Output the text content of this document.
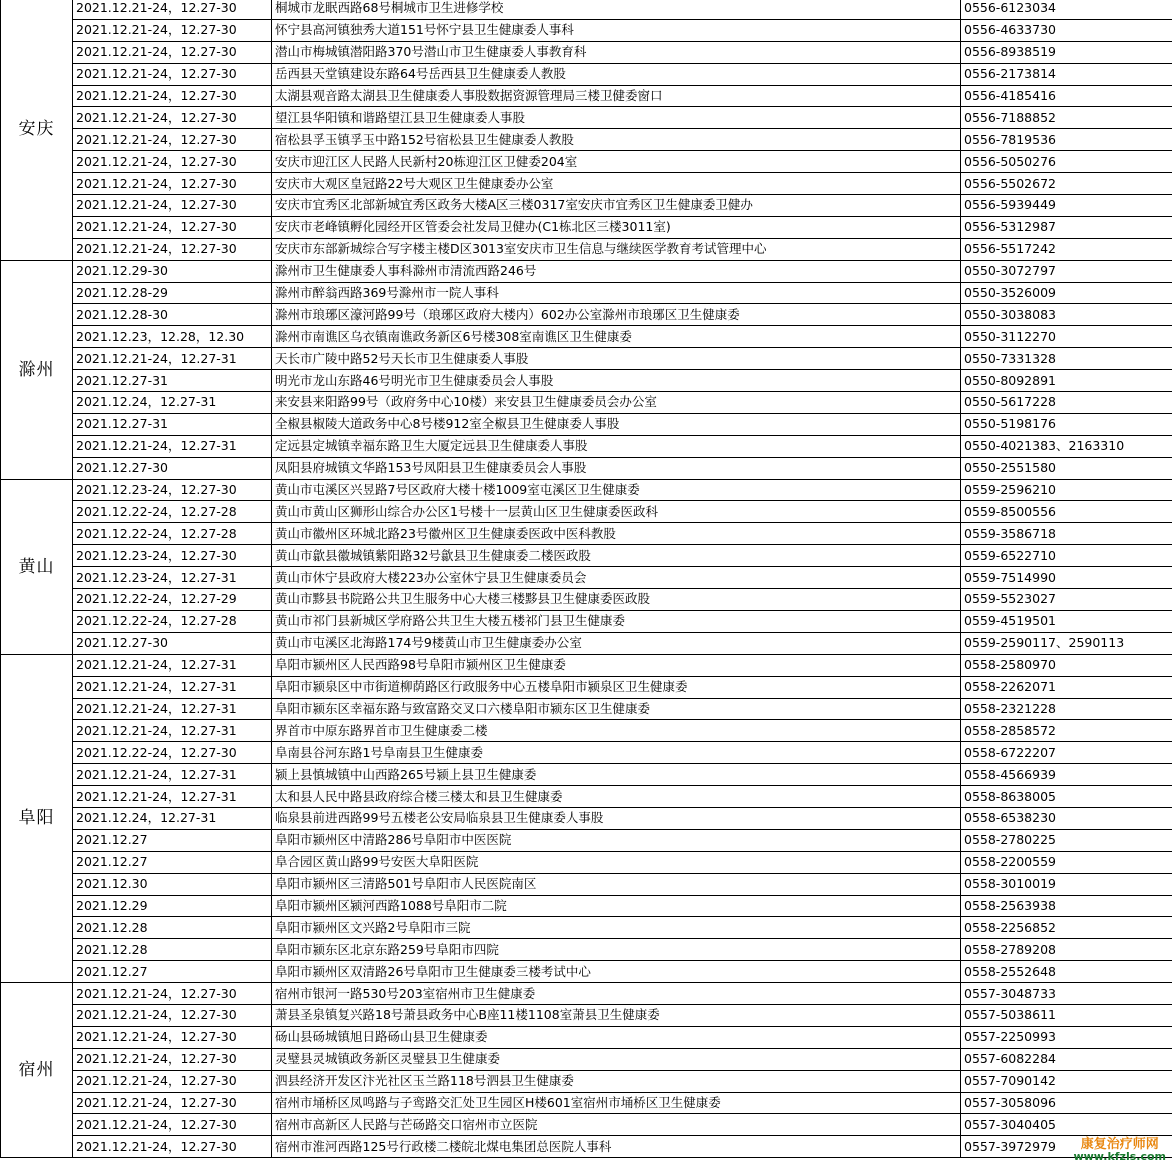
安庆	2021.12.21-24，12.27-30	桐城市龙眠西路68号桐城市卫生进修学校	0556-6123034
	2021.12.21-24，12.27-30	怀宁县高河镇独秀大道151号怀宁县卫生健康委人事科	0556-4633730
	2021.12.21-24，12.27-30	潜山市梅城镇潜阳路370号潜山市卫生健康委人事教育科	0556-8938519
	2021.12.21-24，12.27-30	岳西县天堂镇建设东路64号岳西县卫生健康委人教股	0556-2173814
	2021.12.21-24，12.27-30	太湖县观音路太湖县卫生健康委人事股数据资源管理局三楼卫健委窗口	0556-4185416
	2021.12.21-24，12.27-30	望江县华阳镇和谐路望江县卫生健康委人事股	0556-7188852
	2021.12.21-24，12.27-30	宿松县孚玉镇孚玉中路152号宿松县卫生健康委人教股	0556-7819536
	2021.12.21-24，12.27-30	安庆市迎江区人民路人民新村20栋迎江区卫健委204室	0556-5050276
	2021.12.21-24，12.27-30	安庆市大观区皇冠路22号大观区卫生健康委办公室	0556-5502672
	2021.12.21-24，12.27-30	安庆市宜秀区北部新城宜秀区政务大楼A区三楼0317室安庆市宜秀区卫生健康委卫健办	0556-5939449
	2021.12.21-24，12.27-30	安庆市老峰镇孵化园经开区管委会社发局卫健办(C1栋北区三楼3011室)	0556-5312987
	2021.12.21-24，12.27-30	安庆市东部新城综合写字楼主楼D区3013室安庆市卫生信息与继续医学教育考试管理中心	0556-5517242
滁州	2021.12.29-30	滁州市卫生健康委人事科滁州市清流西路246号	0550-3072797
	2021.12.28-29	滁州市醉翁西路369号滁州市一院人事科	0550-3526009
	2021.12.28-30	滁州市琅琊区濠河路99号（琅琊区政府大楼内）602办公室滁州市琅琊区卫生健康委	0550-3038083
	2021.12.23，12.28，12.30	滁州市南谯区乌衣镇南谯政务新区6号楼308室南谯区卫生健康委	0550-3112270
	2021.12.21-24，12.27-31	天长市广陵中路52号天长市卫生健康委人事股	0550-7331328
	2021.12.27-31	明光市龙山东路46号明光市卫生健康委员会人事股	0550-8092891
	2021.12.24，12.27-31	来安县来阳路99号（政府务中心10楼）来安县卫生健康委员会办公室	0550-5617228
	2021.12.27-31	全椒县椒陵大道政务中心8号楼912室全椒县卫生健康委人事股	0550-5198176
	2021.12.21-24，12.27-31	定远县定城镇幸福东路卫生大厦定远县卫生健康委人事股	0550-4021383、2163310
	2021.12.27-30	凤阳县府城镇文华路153号凤阳县卫生健康委员会人事股	0550-2551580
黄山	2021.12.23-24，12.27-30	黄山市屯溪区兴昱路7号区政府大楼十楼1009室屯溪区卫生健康委	0559-2596210
	2021.12.22-24，12.27-28	黄山市黄山区狮形山综合办公区1号楼十一层黄山区卫生健康委医政科	0559-8500556
	2021.12.22-24，12.27-28	黄山市徽州区环城北路23号徽州区卫生健康委医政中医科教股	0559-3586718
	2021.12.23-24，12.27-30	黄山市歙县徽城镇紫阳路32号歙县卫生健康委二楼医政股	0559-6522710
	2021.12.23-24，12.27-31	黄山市休宁县政府大楼223办公室休宁县卫生健康委员会	0559-7514990
	2021.12.22-24，12.27-29	黄山市黟县书院路公共卫生服务中心大楼三楼黟县卫生健康委医政股	0559-5523027
	2021.12.22-24，12.27-28	黄山市祁门县新城区学府路公共卫生大楼五楼祁门县卫生健康委	0559-4519501
	2021.12.27-30	黄山市屯溪区北海路174号9楼黄山市卫生健康委办公室	0559-2590117、2590113
阜阳	2021.12.21-24，12.27-31	阜阳市颍州区人民西路98号阜阳市颍州区卫生健康委	0558-2580970
	2021.12.21-24，12.27-31	阜阳市颍泉区中市街道柳荫路区行政服务中心五楼阜阳市颍泉区卫生健康委	0558-2262071
	2021.12.21-24，12.27-31	阜阳市颍东区幸福东路与致富路交叉口六楼阜阳市颍东区卫生健康委	0558-2321228
	2021.12.21-24，12.27-31	界首市中原东路界首市卫生健康委二楼	0558-2858572
	2021.12.22-24，12.27-30	阜南县谷河东路1号阜南县卫生健康委	0558-6722207
	2021.12.21-24，12.27-31	颍上县慎城镇中山西路265号颍上县卫生健康委	0558-4566939
	2021.12.21-24，12.27-31	太和县人民中路县政府综合楼三楼太和县卫生健康委	0558-8638005
	2021.12.24，12.27-31	临泉县前进西路99号五楼老公安局临泉县卫生健康委人事股	0558-6538230
	2021.12.27	阜阳市颍州区中清路286号阜阳市中医医院	0558-2780225
	2021.12.27	阜合园区黄山路99号安医大阜阳医院	0558-2200559
	2021.12.30	阜阳市颍州区三清路501号阜阳市人民医院南区	0558-3010019
	2021.12.29	阜阳市颍州区颍河西路1088号阜阳市二院	0558-2563938
	2021.12.28	阜阳市颍州区文兴路2号阜阳市三院	0558-2256852
	2021.12.28	阜阳市颍东区北京东路259号阜阳市四院	0558-2789208
	2021.12.27	阜阳市颍州区双清路26号阜阳市卫生健康委三楼考试中心	0558-2552648
宿州	2021.12.21-24，12.27-30	宿州市银河一路530号203室宿州市卫生健康委	0557-3048733
	2021.12.21-24，12.27-30	萧县圣泉镇复兴路18号萧县政务中心B座11楼1108室萧县卫生健康委	0557-5038611
	2021.12.21-24，12.27-30	砀山县砀城镇旭日路砀山县卫生健康委	0557-2250993
	2021.12.21-24，12.27-30	灵璧县灵城镇政务新区灵璧县卫生健康委	0557-6082284
	2021.12.21-24，12.27-30	泗县经济开发区汴光社区玉兰路118号泗县卫生健康委	0557-7090142
	2021.12.21-24，12.27-30	宿州市埇桥区凤鸣路与子鸾路交汇处卫生园区H楼601室宿州市埇桥区卫生健康委	0557-3058096
	2021.12.21-24，12.27-30	宿州市高新区人民路与芒砀路交口宿州市立医院	0557-3040405
	2021.12.21-24，12.27-30	宿州市淮河西路125号行政楼二楼皖北煤电集团总医院人事科	0557-3972979	康复治疗师网
www.kfzls.com
